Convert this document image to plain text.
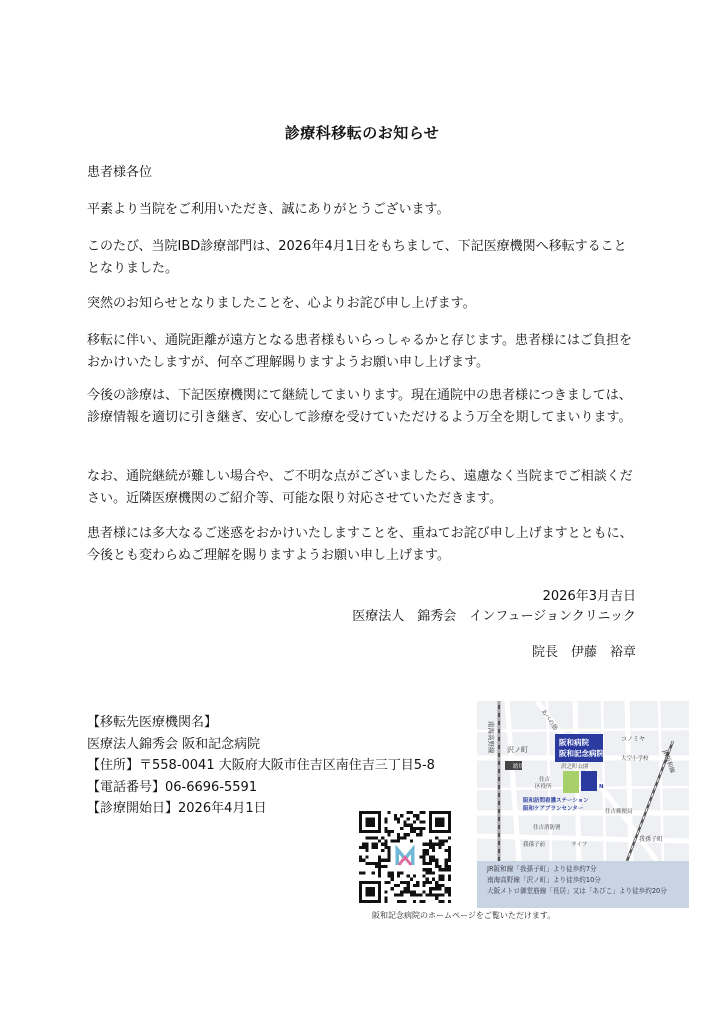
診療科移転のお知らせ

患者様各位

平素より当院をご利用いただき、誠にありがとうございます。

このたび、当院IBD診療部門は、2026年4月1日をもちまして、下記医療機関へ移転することとなりました。

突然のお知らせとなりましたことを、心よりお詫び申し上げます。

移転に伴い、通院距離が遠方となる患者様もいらっしゃるかと存じます。患者様にはご負担をおかけいたしますが、何卒ご理解賜りますようお願い申し上げます。

今後の診療は、下記医療機関にて継続してまいります。現在通院中の患者様につきましては、診療情報を適切に引き継ぎ、安心して診療を受けていただけるよう万全を期してまいります。

なお、通院継続が難しい場合や、ご不明な点がございましたら、遠慮なく当院までご相談ください。近隣医療機関のご紹介等、可能な限り対応させていただきます。

患者様には多大なるご迷惑をおかけいたしますことを、重ねてお詫び申し上げますとともに、今後とも変わらぬご理解を賜りますようお願い申し上げます。

2026年3月吉日
医療法人　錦秀会　インフュージョンクリニック
院長　伊藤　裕章
【移転先医療機関名】
医療法人錦秀会 阪和記念病院
【住所】〒558-0041 大阪府大阪市住吉区南住吉三丁目5-8
【電話番号】06-6696-5591
【診療開始日】2026年4月1日
阪和記念病院のホームページをご覧いただけます。
阪和病院
阪和記念病院
踏切
沢ノ町
沢之町公園
住吉
区役所
阪和訪問看護ステーション
阪和ケアプランセンター
N
コノミヤ
大空小学校
住吉郵便局
住吉消防署
ライフ
我孫子前
我孫子町
南海高野線
あべの筋
JR阪和線
JR阪和線「我孫子町」より徒歩約7分
南海高野線「沢ノ町」より徒歩約10分
大阪メトロ御堂筋線「長居」又は「あびこ」より徒歩約20分
